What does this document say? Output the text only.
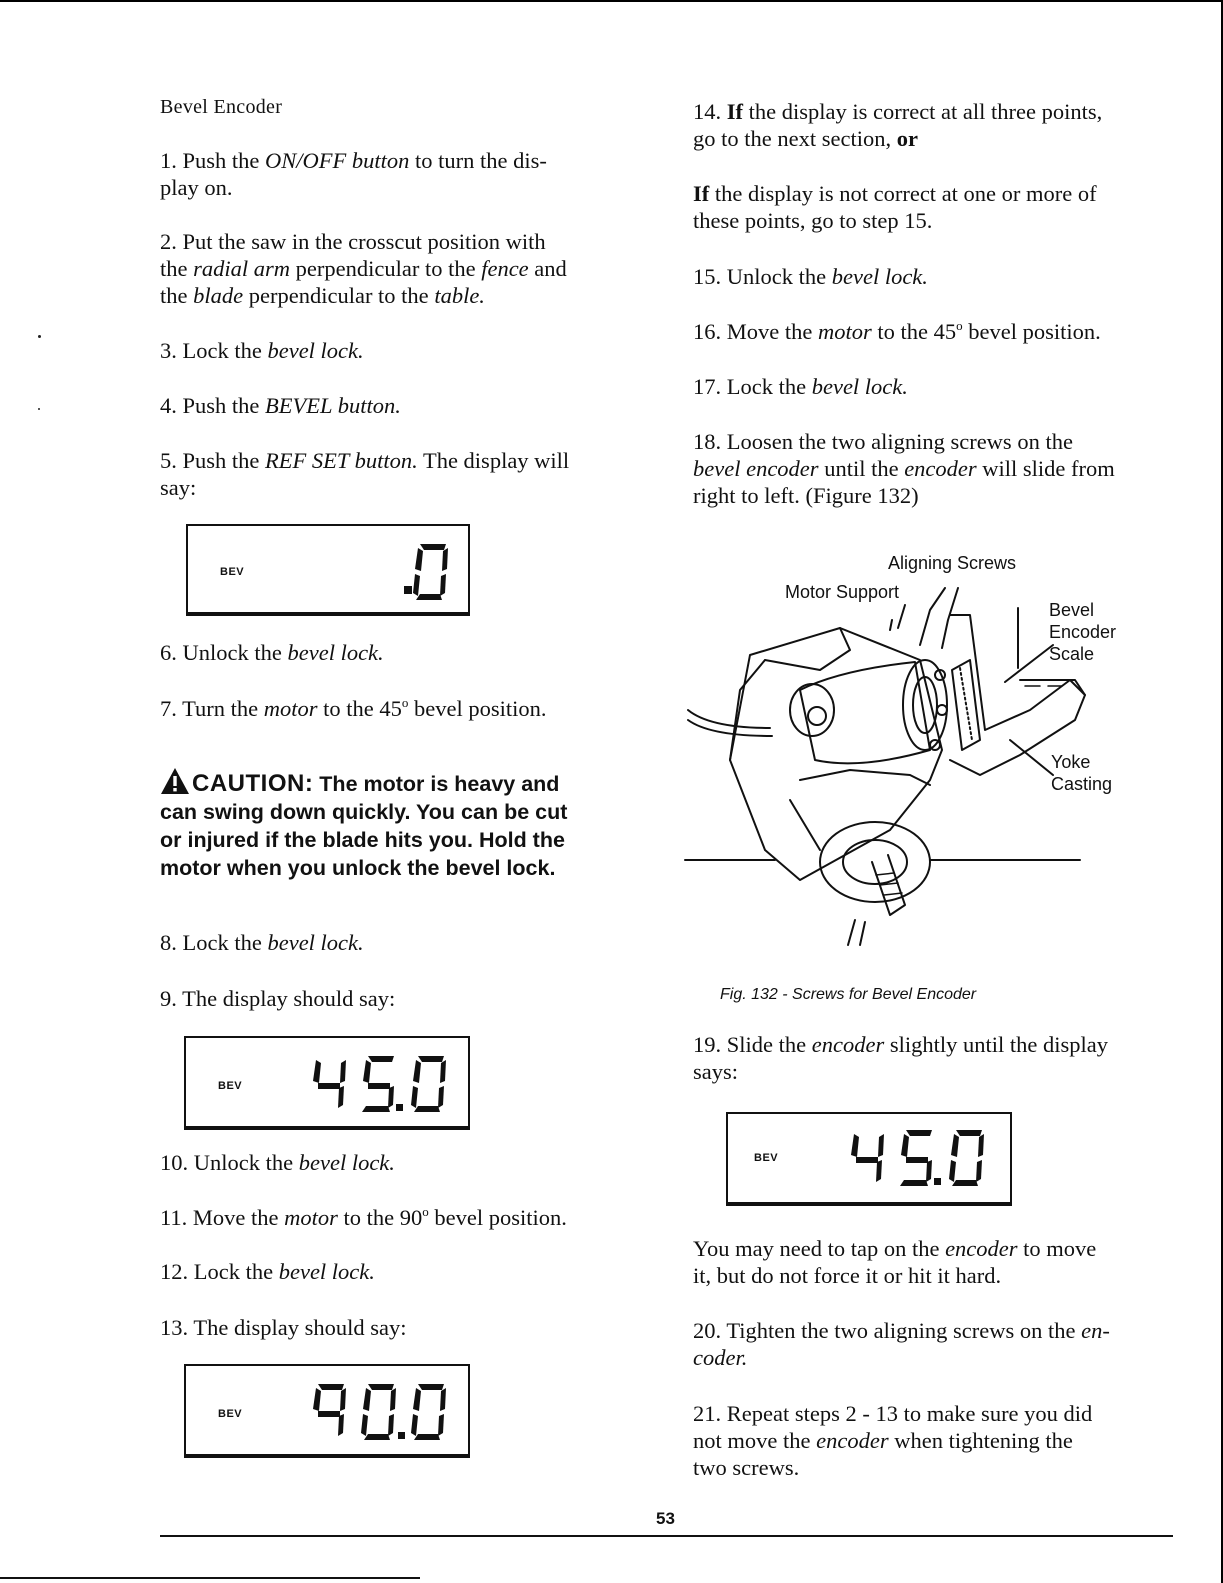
Bevel Encoder

1. Push the ON/OFF button to turn the dis-
play on.

2. Put the saw in the crosscut position with
the radial arm perpendicular to the fence and
the blade perpendicular to the table.

3. Lock the bevel lock.

4. Push the BEVEL button.

5. Push the REF SET button. The display will
say:

BEV

6. Unlock the bevel lock.

7. Turn the motor to the 45$^o$ bevel position.

CAUTION: The motor is heavy and
can swing down quickly. You can be cut
or injured if the blade hits you. Hold the
motor when you unlock the bevel lock.

8. Lock the bevel lock.

9. The display should say:

BEV

10. Unlock the bevel lock.

11. Move the motor to the 90$^o$ bevel position.

12. Lock the bevel lock.

13. The display should say:

BEV

14. If the display is correct at all three points,
go to the next section, or

If the display is not correct at one or more of
these points, go to step 15.

15. Unlock the bevel lock.

16. Move the motor to the 45$^o$ bevel position.

17. Lock the bevel lock.

18. Loosen the two aligning screws on the
bevel encoder until the encoder will slide from
right to left. (Figure 132)

Aligning Screws
Motor Support
Bevel
Encoder
Scale
Yoke
Casting
Fig. 132 - Screws for Bevel Encoder

19. Slide the encoder slightly until the display
says:

BEV

You may need to tap on the encoder to move
it, but do not force it or hit it hard.

20. Tighten the two aligning screws on the en-
coder.

21. Repeat steps 2 - 13 to make sure you did
not move the encoder when tightening the
two screws.

53
